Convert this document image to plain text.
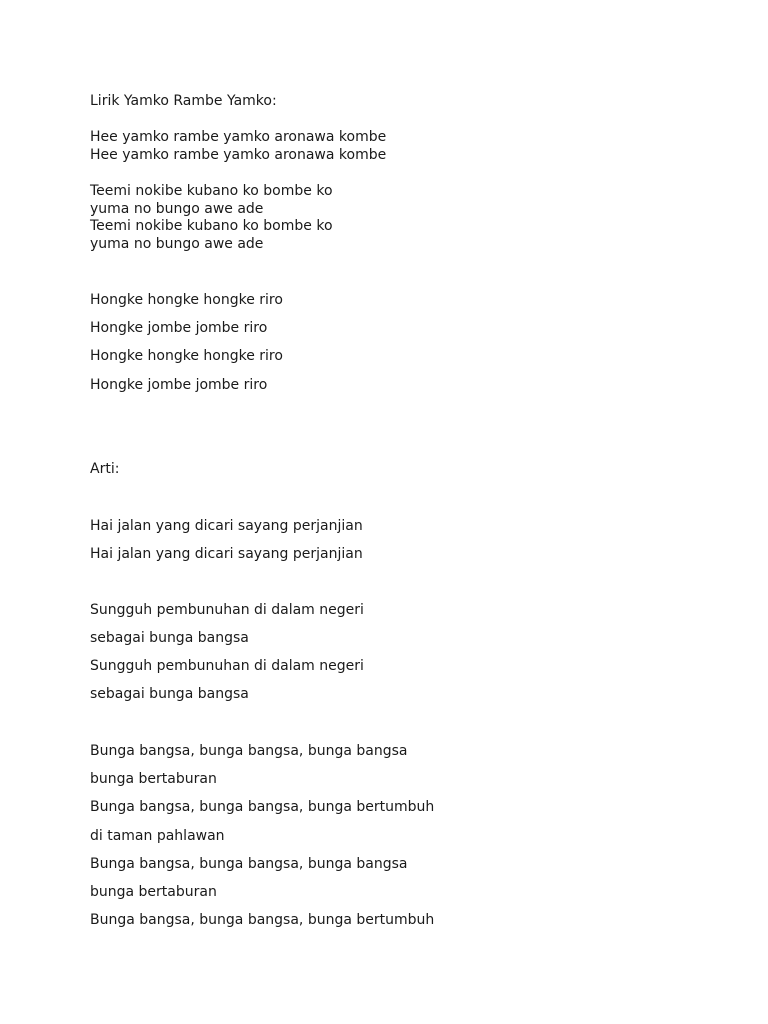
Lirik Yamko Rambe Yamko:

Hee yamko rambe yamko aronawa kombe

Hee yamko rambe yamko aronawa kombe

Teemi nokibe kubano ko bombe ko

yuma no bungo awe ade

Teemi nokibe kubano ko bombe ko

yuma no bungo awe ade

Hongke hongke hongke riro

Hongke jombe jombe riro

Hongke hongke hongke riro

Hongke jombe jombe riro

Arti:

Hai jalan yang dicari sayang perjanjian

Hai jalan yang dicari sayang perjanjian

Sungguh pembunuhan di dalam negeri

sebagai bunga bangsa

Sungguh pembunuhan di dalam negeri

sebagai bunga bangsa

Bunga bangsa, bunga bangsa, bunga bangsa

bunga bertaburan

Bunga bangsa, bunga bangsa, bunga bertumbuh

di taman pahlawan

Bunga bangsa, bunga bangsa, bunga bangsa

bunga bertaburan

Bunga bangsa, bunga bangsa, bunga bertumbuh
